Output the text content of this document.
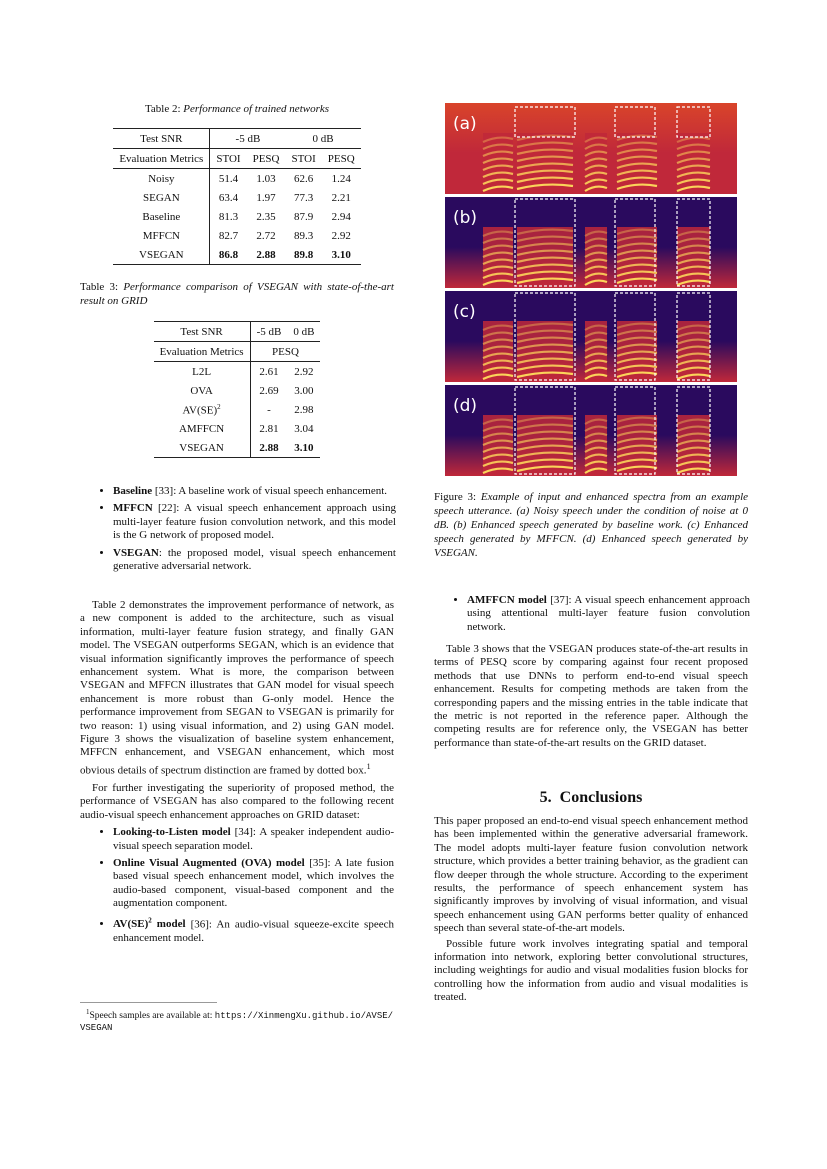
Table 2: Performance of trained networks
Test SNR	-5 dB		0 dB	
Evaluation Metrics	STOI	PESQ	STOI	PESQ
Noisy	51.4	1.03	62.6	1.24
SEGAN	63.4	1.97	77.3	2.21
Baseline	81.3	2.35	87.9	2.94
MFFCN	82.7	2.72	89.3	2.92
VSEGAN	86.8	2.88	89.8	3.10
Table 3: Performance comparison of VSEGAN with state-of-the-art result on GRID
Test SNR	-5 dB	0 dB
Evaluation Metrics	PESQ	
L2L	2.61	2.92
OVA	2.69	3.00
AV(SE)$^2$	-	2.98
AMFFCN	2.81	3.04
VSEGAN	2.88	3.10
• Baseline [33]: A baseline work of visual speech enhancement.
• MFFCN [22]: A visual speech enhancement approach using multi-layer feature fusion convolution network, and this model is the G network of proposed model.
• VSEGAN: the proposed model, visual speech enhancement generative adversarial network.

Table 2 demonstrates the improvement performance of network, as a new component is added to the architecture, such as visual information, multi-layer feature fusion strategy, and finally GAN model. The VSEGAN outperforms SEGAN, which is an evidence that visual information significantly improves the performance of speech enhancement system. What is more, the comparison between VSEGAN and MFFCN illustrates that GAN model for visual speech enhancement is more robust than G-only model. Hence the performance improvement from SEGAN to VSEGAN is primarily for two reason: 1) using visual information, and 2) using GAN model. Figure 3 shows the visualization of baseline system enhancement, MFFCN enhancement, and VSEGAN enhancement, which most obvious details of spectrum distinction are framed by dotted box.$^1$

For further investigating the superiority of proposed method, the performance of VSEGAN has also compared to the following recent audio-visual speech enhancement approaches on GRID dataset:

• Looking-to-Listen model [34]: A speaker independent audio-visual speech separation model.
• Online Visual Augmented (OVA) model [35]: A late fusion based visual speech enhancement model, which involves the audio-based component, visual-based component and the augmentation component.
• AV(SE)$^2$ model [36]: An audio-visual squeeze-excite speech enhancement model.
$^1$Speech samples are available at: https://XinmengXu.github.io/AVSE/VSEGAN
(a)
(b)
(c)
(d)
Figure 3: Example of input and enhanced spectra from an example speech utterance. (a) Noisy speech under the condition of noise at 0 dB. (b) Enhanced speech generated by baseline work. (c) Enhanced speech generated by MFFCN. (d) Enhanced speech generated by VSEGAN.
• AMFFCN model [37]: A visual speech enhancement approach using attentional multi-layer feature fusion convolution network.

Table 3 shows that the VSEGAN produces state-of-the-art results in terms of PESQ score by comparing against four recent proposed methods that use DNNs to perform end-to-end visual speech enhancement. Results for competing methods are taken from the corresponding papers and the missing entries in the table indicate that the metric is not reported in the reference paper. Although the competing results are for reference only, the VSEGAN has better performance than state-of-the-art results on the GRID dataset.

5. Conclusions

This paper proposed an end-to-end visual speech enhancement method has been implemented within the generative adversarial framework. The model adopts multi-layer feature fusion convolution network structure, which provides a better training behavior, as the gradient can flow deeper through the whole structure. According to the experiment results, the performance of speech enhancement system has significantly improves by involving of visual information, and visual speech enhancement using GAN performs better quality of enhanced speech than several state-of-the-art models.

Possible future work involves integrating spatial and temporal information into network, exploring better convolutional structures, including weightings for audio and visual modalities fusion blocks for controlling how the information from audio and visual modalities is treated.
